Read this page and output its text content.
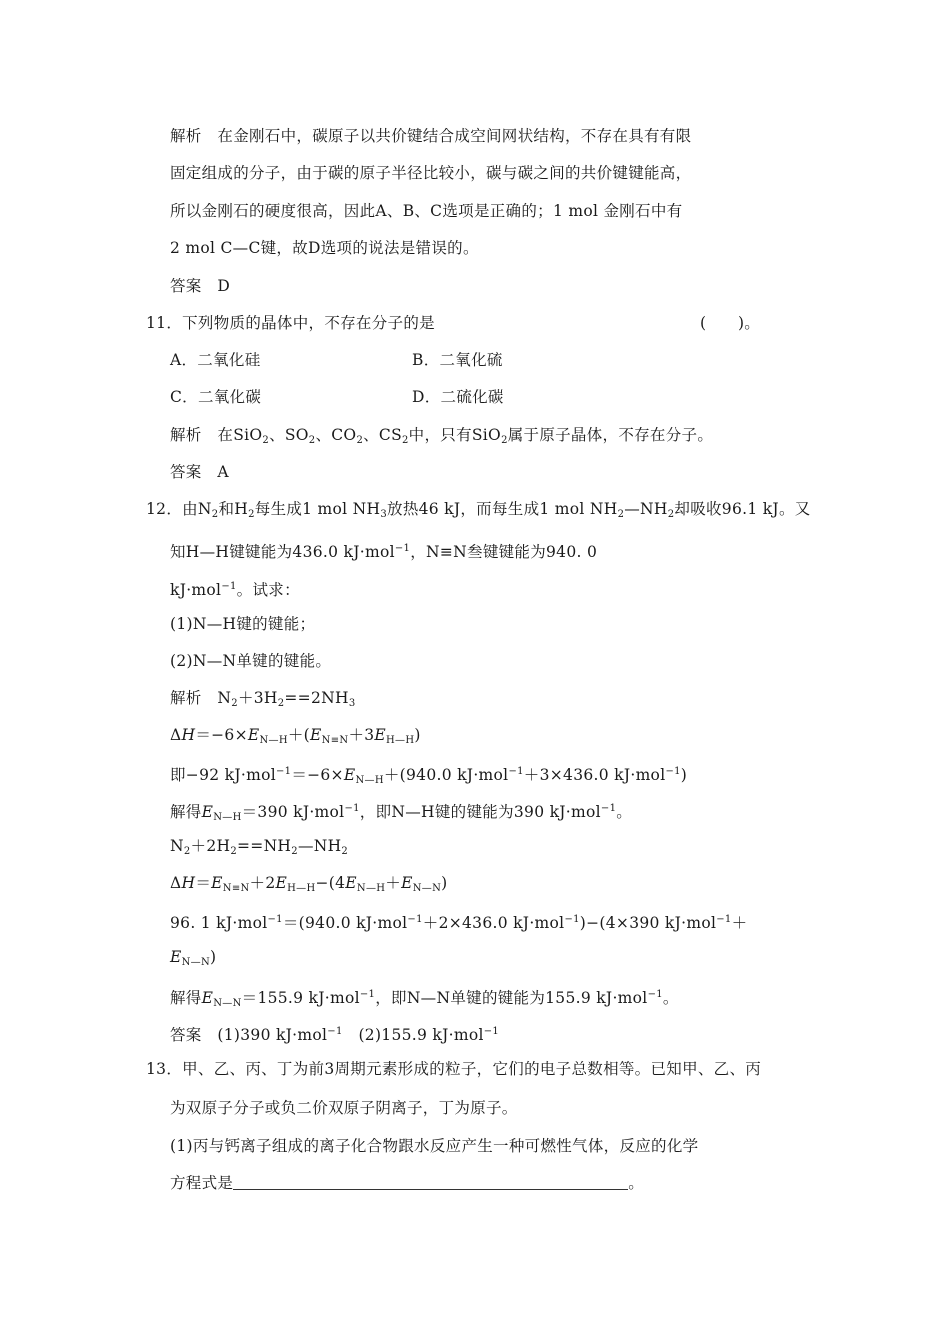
解析　在金刚石中，碳原子以共价键结合成空间网状结构，不存在具有有限
固定组成的分子，由于碳的原子半径比较小，碳与碳之间的共价键键能高，
所以金刚石的硬度很高，因此A、B、C选项是正确的；1 mol 金刚石中有
2 mol C—C键，故D选项的说法是错误的。
答案　D
11．下列物质的晶体中，不存在分子的是	(　　)。
A．二氧化硅	B．二氧化硫
C．二氧化碳	D．二硫化碳
解析　在SiO$_2$、$SO_2$、$CO_2$、$CS_2$中，只有SiO$_2$属于原子晶体，不存在分子。
答案　A
12．由$N_2$和$H_2$每生成1 mol $NH_3$放热46 kJ，而每生成1 mol $NH_2—NH_2$却吸收96.1 kJ。又
知H—H键键能为436.0 kJ·mol$^{-1}$，N≡N叁键键能为940. 0
kJ·mol$^{-1}$。试求：
(1)N—H键的键能；
(2)N—N单键的键能。
解析　$N_2+3H_2==2NH_3$
$\Delta H=-6\times E_{N—H}+(E_{N\equiv N}+3E_{H—H})$
即−92 $kJ\cdot mol^{-1}=-6\times E_{N—H}+(940.0$ kJ·mol$^{-1}$＋3×436.0 kJ·mol$^{-1}$)
解得$E_{N—H}=390$ kJ·mol$^{-1}$，即N—H键的键能为390 kJ·mol$^{-1}$。
$N_2+2H_2==NH_2—NH_2$
$\Delta H=E_{N\equiv N}+2E_{H—H}-(4E_{N—H}+E_{N—N})$
96. 1 kJ·mol$^{-1}$＝(940.0 kJ·mol$^{-1}$＋2×436.0 kJ·mol$^{-1}$)−(4×390 kJ·mol$^{-1}$＋
$E_{N—N}$)
解得$E_{N—N}=155.9$ kJ·mol$^{-1}$，即N—N单键的键能为155.9 kJ·mol$^{-1}$。
答案　(1)390 kJ·mol$^{-1}$　(2)155.9 kJ·mol$^{-1}$
13．甲、乙、丙、丁为前3周期元素形成的粒子，它们的电子总数相等。已知甲、乙、丙
为双原子分子或负二价双原子阴离子，丁为原子。
(1)丙与钙离子组成的离子化合物跟水反应产生一种可燃性气体，反应的化学
方程式是	。
